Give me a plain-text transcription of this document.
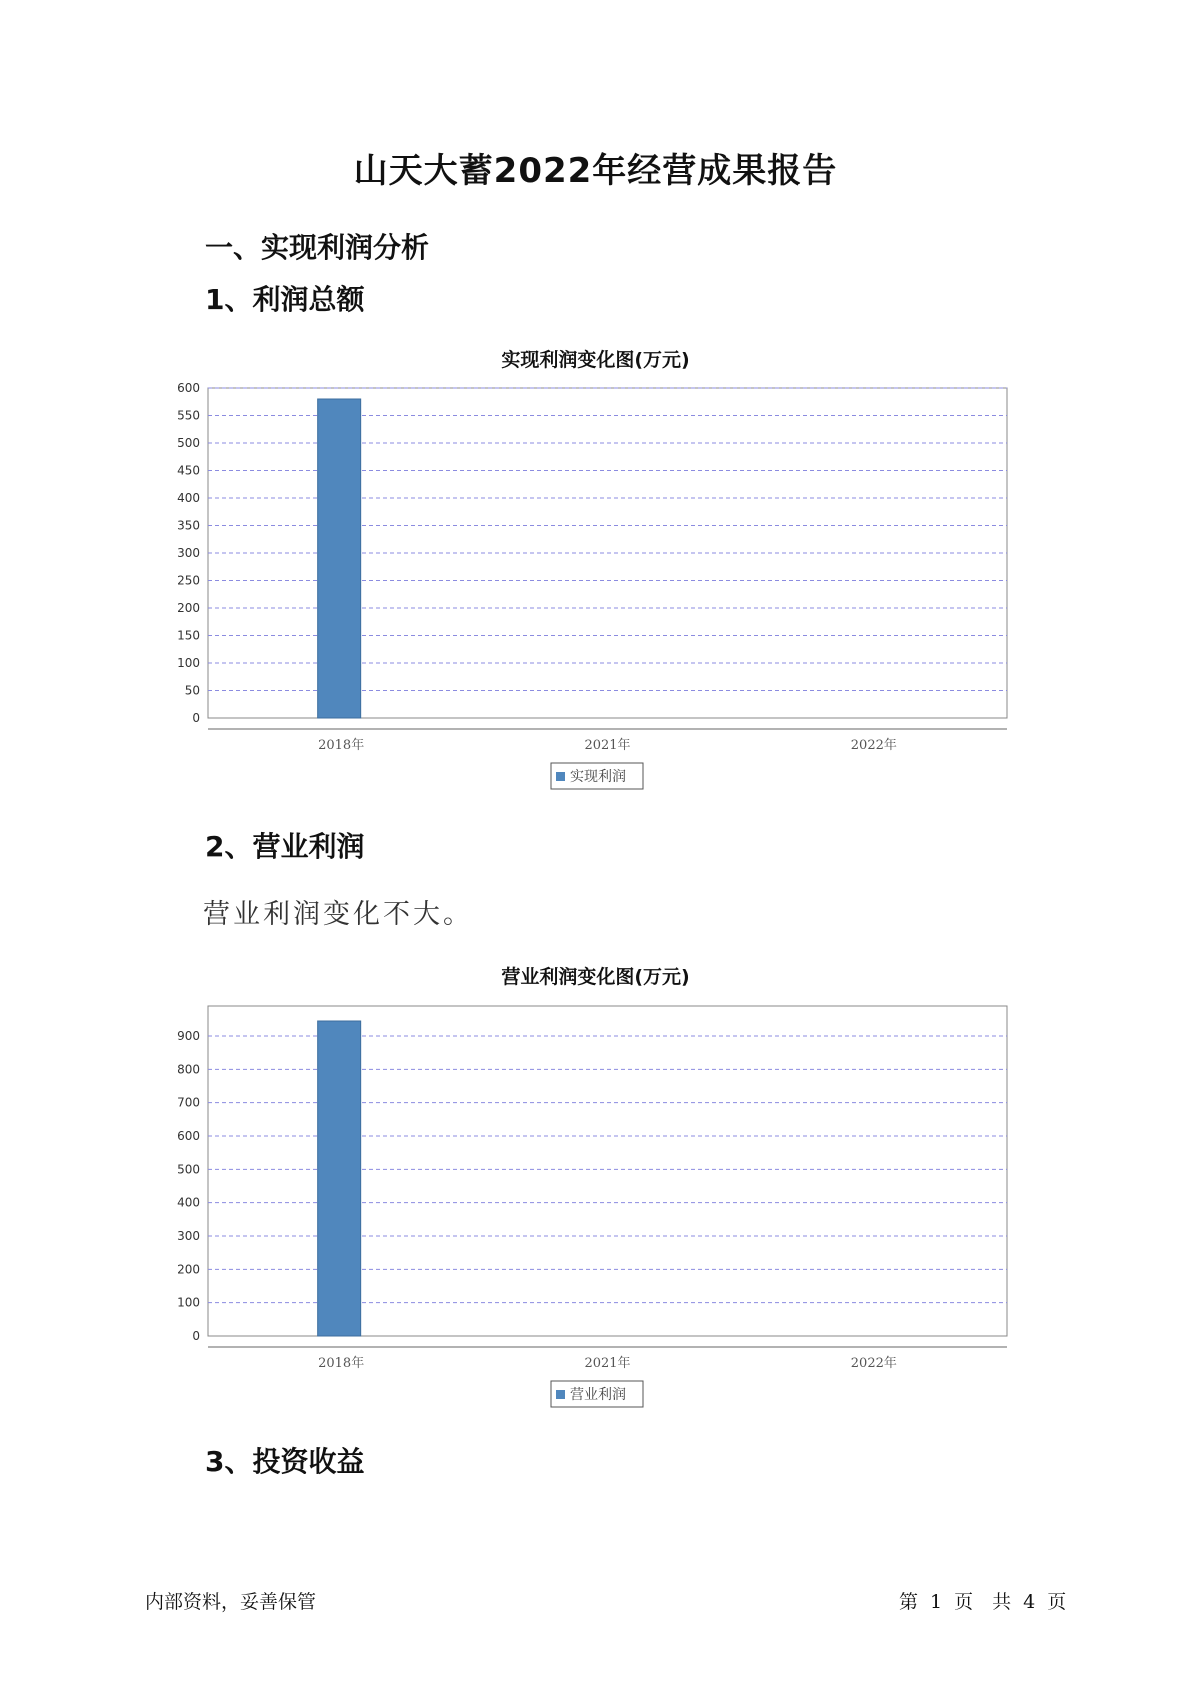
山天大蓄2022年经营成果报告
一、实现利润分析
1、利润总额
实现利润变化图(万元)
0
50
100
150
200
250
300
350
400
450
500
550
600
2018年	2021年	2022年
实现利润
2、营业利润

营业利润变化不大。

营业利润变化图(万元)
0
100
200
300
400
500
600
700
800
900
2018年	2021年	2022年
营业利润
3、投资收益
内部资料，妥善保管	第 1 页　共 4 页
